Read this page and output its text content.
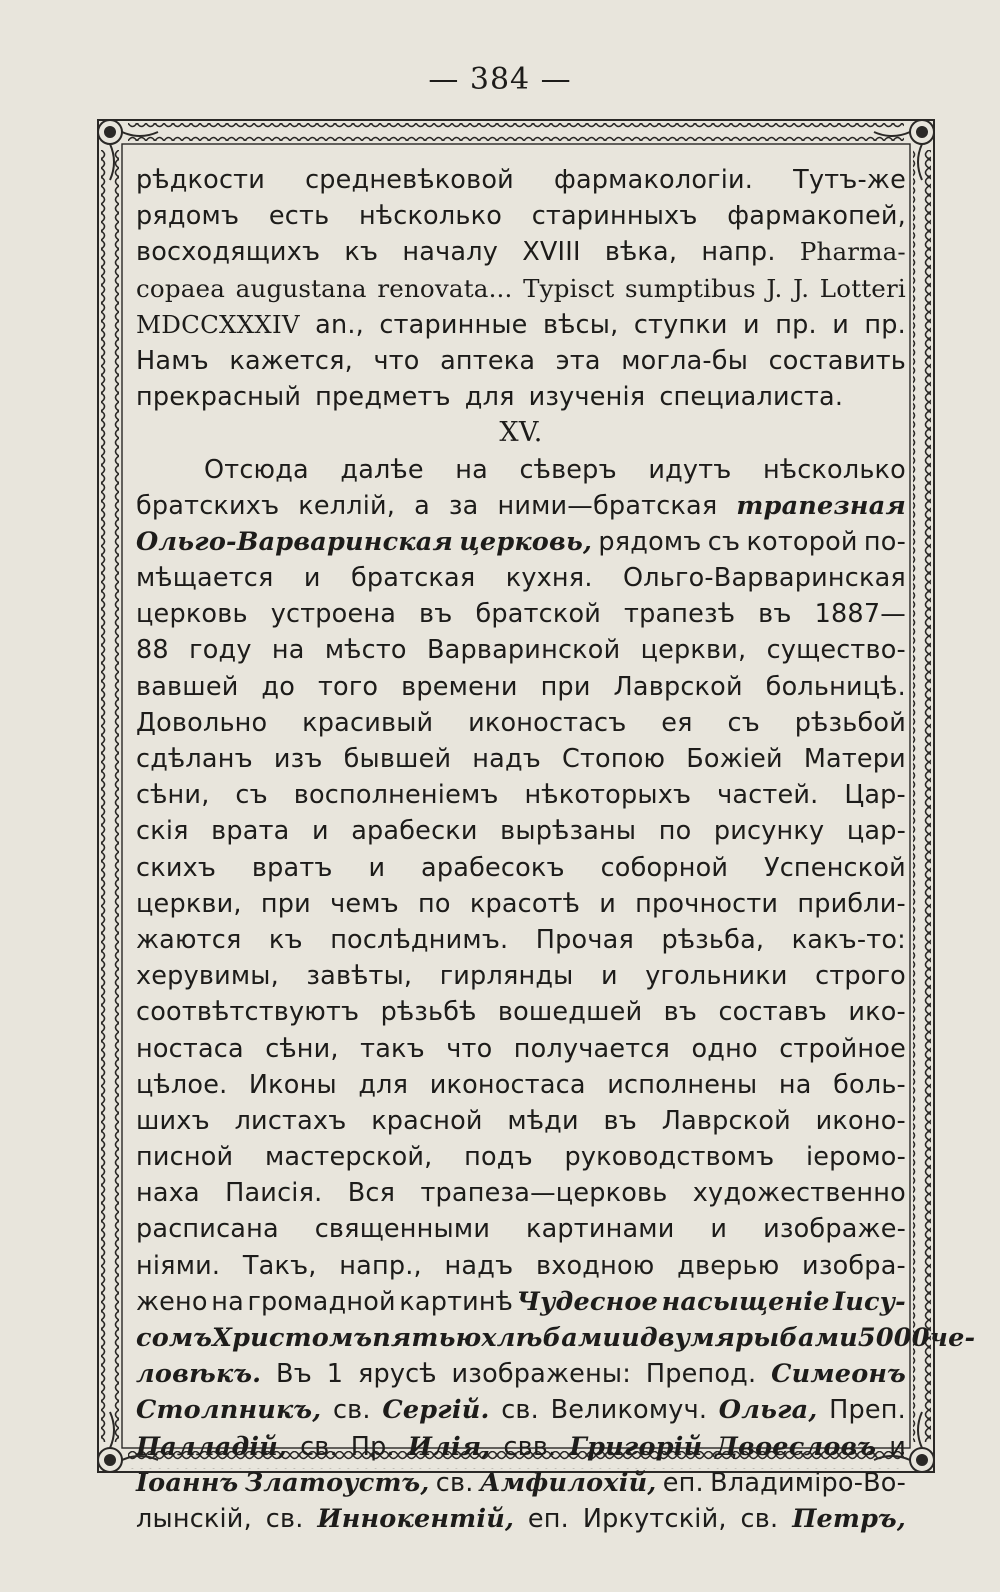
— 384 —
рѣдкости средневѣковой фармакологіи. Тутъ-же
рядомъ есть нѣсколько старинныхъ фармакопей,
восходящихъ къ началу XVIII вѣка, напр. Pharma-
copaea augustana renovata... Typisct sumptibus J. J. Lotteri
MDCCXXXIV an., старинные вѣсы, ступки и пр. и пр.
Намъ кажется, что аптека эта могла-бы составить
прекрасный предметъ для изученія специалиста.
XV.
Отсюда далѣе на сѣверъ идутъ нѣсколько
братскихъ келлій, а за ними—братская трапезная
Ольго-Варваринская церковь, рядомъ съ которой по-
мѣщается и братская кухня. Ольго-Варваринская
церковь устроена въ братской трапезѣ въ 1887—
88 году на мѣсто Варваринской церкви, существо-
вавшей до того времени при Лаврской больницѣ.
Довольно красивый иконостасъ ея съ рѣзьбой
сдѣланъ изъ бывшей надъ Стопою Божіей Матери
сѣни, съ восполненіемъ нѣкоторыхъ частей. Цар-
скія врата и арабески вырѣзаны по рисунку цар-
скихъ вратъ и арабесокъ соборной Успенской
церкви, при чемъ по красотѣ и прочности прибли-
жаются къ послѣднимъ. Прочая рѣзьба, какъ-то:
херувимы, завѣты, гирлянды и угольники строго
соотвѣтствуютъ рѣзьбѣ вошедшей въ составъ ико-
ностаса сѣни, такъ что получается одно стройное
цѣлое. Иконы для иконостаса исполнены на боль-
шихъ листахъ красной мѣди въ Лаврской иконо-
писной мастерской, подъ руководствомъ іеромо-
наха Паисія. Вся трапеза—церковь художественно
расписана священными картинами и изображе-
ніями. Такъ, напр., надъ входною дверью изобра-
жено на громадной картинѣ Чудесное насыщеніе Іису-
сомъ Христомъ пятью хлѣбами и двумя рыбами 5000 че-
ловѣкъ. Въ 1 ярусѣ изображены: Препод. Симеонъ
Столпникъ, св. Сергій. св. Великомуч. Ольга, Преп.
Палладій, св. Пр. Илія, свв. Григорій Двоесловъ и
Іоаннъ Златоустъ, св. Амфилохій, еп. Владиміро-Во-
лынскій, св. Иннокентій, еп. Иркутскій, св. Петръ,
